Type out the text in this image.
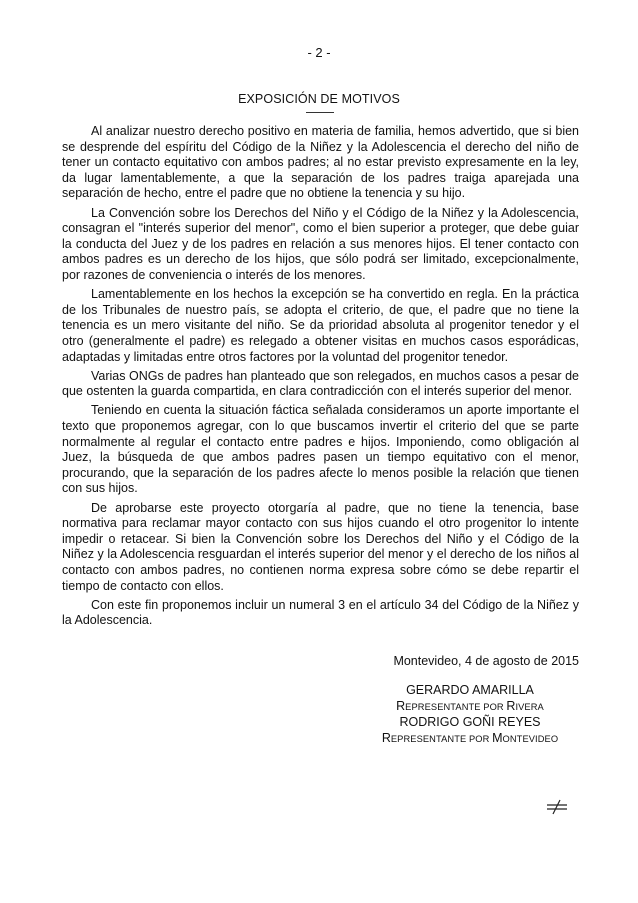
- 2 -
EXPOSICIÓN DE MOTIVOS

Al analizar nuestro derecho positivo en materia de familia, hemos advertido, que si bien se desprende del espíritu del Código de la Niñez y la Adolescencia el derecho del niño de tener un contacto equitativo con ambos padres; al no estar previsto expresamente en la ley, da lugar lamentablemente, a que la separación de los padres traiga aparejada una separación de hecho, entre el padre que no obtiene la tenencia y su hijo.

La Convención sobre los Derechos del Niño y el Código de la Niñez y la Adolescencia, consagran el "interés superior del menor", como el bien superior a proteger, que debe guiar la conducta del Juez y de los padres en relación a sus menores hijos. El tener contacto con ambos padres es un derecho de los hijos, que sólo podrá ser limitado, excepcionalmente, por razones de conveniencia o interés de los menores.

Lamentablemente en los hechos la excepción se ha convertido en regla. En la práctica de los Tribunales de nuestro país, se adopta el criterio, de que, el padre que no tiene la tenencia es un mero visitante del niño. Se da prioridad absoluta al progenitor tenedor y el otro (generalmente el padre) es relegado a obtener visitas en muchos casos esporádicas, adaptadas y limitadas entre otros factores por la voluntad del progenitor tenedor.

Varias ONGs de padres han planteado que son relegados, en muchos casos a pesar de que ostenten la guarda compartida, en clara contradicción con el interés superior del menor.

Teniendo en cuenta la situación fáctica señalada consideramos un aporte importante el texto que proponemos agregar, con lo que buscamos invertir el criterio del que se parte normalmente al regular el contacto entre padres e hijos. Imponiendo, como obligación al Juez, la búsqueda de que ambos padres pasen un tiempo equitativo con el menor, procurando, que la separación de los padres afecte lo menos posible la relación que tienen con sus hijos.

De aprobarse este proyecto otorgaría al padre, que no tiene la tenencia, base normativa para reclamar mayor contacto con sus hijos cuando el otro progenitor lo intente impedir o retacear. Si bien la Convención sobre los Derechos del Niño y el Código de la Niñez y la Adolescencia resguardan el interés superior del menor y el derecho de los niños al contacto con ambos padres, no contienen norma expresa sobre cómo se debe repartir el tiempo de contacto con ellos.

Con este fin proponemos incluir un numeral 3 en el artículo 34 del Código de la Niñez y la Adolescencia.

Montevideo, 4 de agosto de 2015
GERARDO AMARILLA
REPRESENTANTE POR RIVERA
RODRIGO GOÑI REYES
REPRESENTANTE POR MONTEVIDEO
